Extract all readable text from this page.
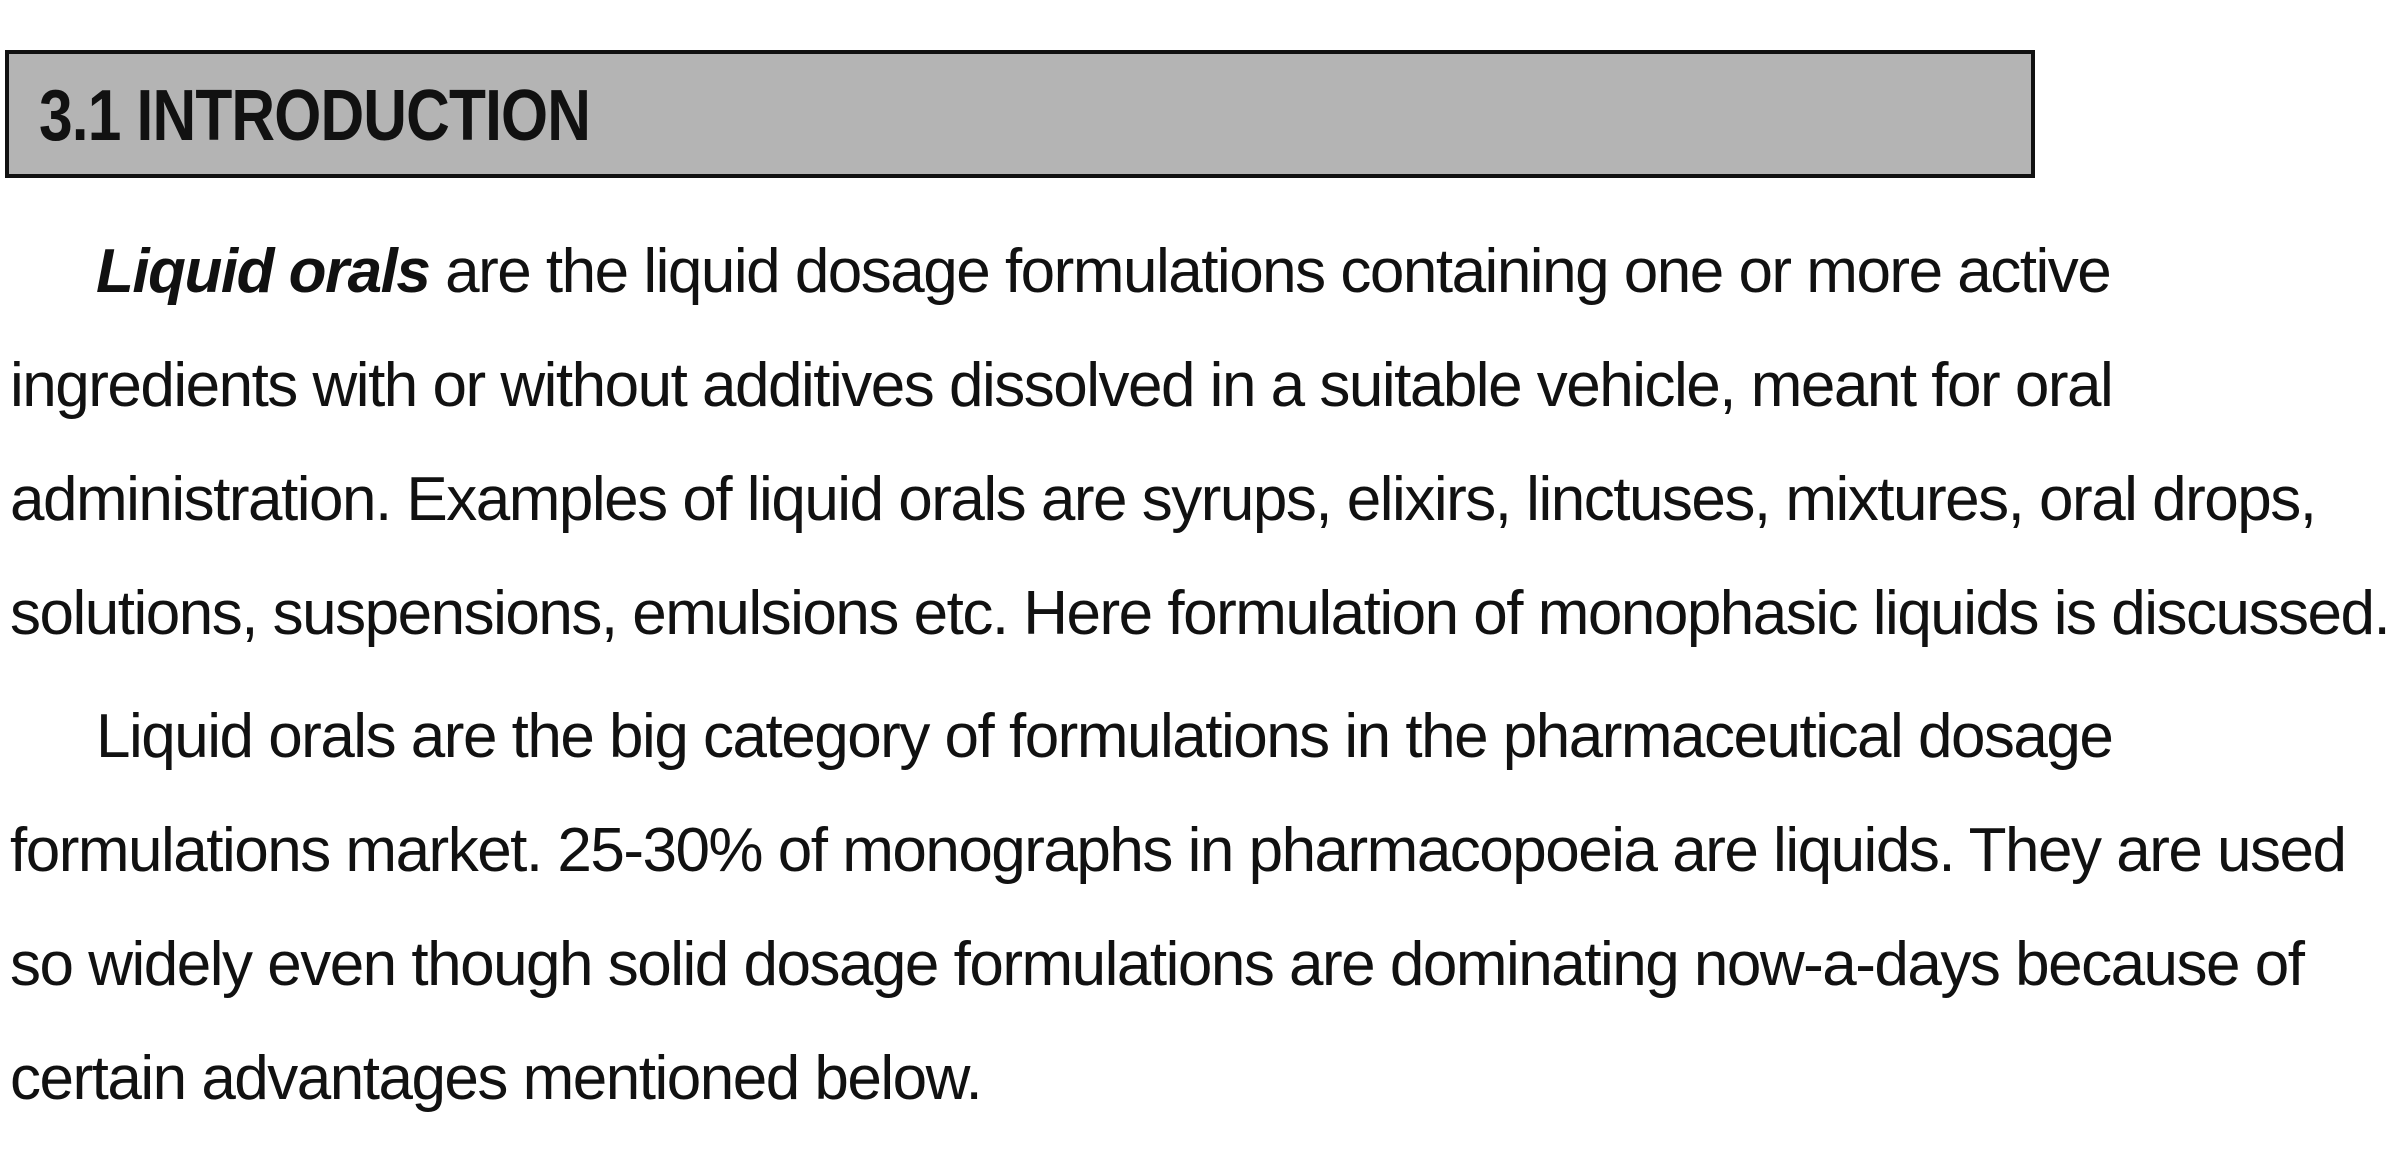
3.1 INTRODUCTION
Liquid orals are the liquid dosage formulations containing one or more active
ingredients with or without additives dissolved in a suitable vehicle, meant for oral
administration. Examples of liquid orals are syrups, elixirs, linctuses, mixtures, oral drops,
solutions, suspensions, emulsions etc. Here formulation of monophasic liquids is discussed.
Liquid orals are the big category of formulations in the pharmaceutical dosage
formulations market. 25-30% of monographs in pharmacopoeia are liquids. They are used
so widely even though solid dosage formulations are dominating now-a-days because of
certain advantages mentioned below.
